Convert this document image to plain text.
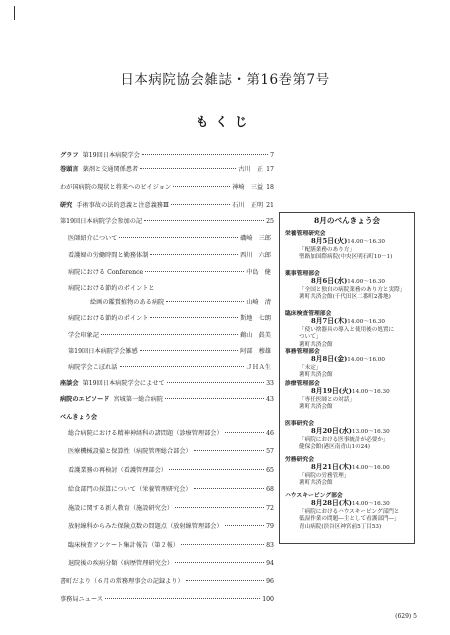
日本病院協会雑誌・第16巻第7号
もくじ
グラフ 第19回日本病院学会	7
巻頭言 薬剤と交通関係患者	古川　正 17
わが国病院の現状と将来へのビイジョン	神崎　三益 18
研究 手術事故の法的意義と注意義務Ⅲ	石川　正明 21
第19回日本病院学会参加の記	25
医師紹介について	磯崎　三郎
看護婦の労働時間と勤務体制	西川　六郎
病院における Conference	中島　健
病院における節約のポイントと
絵画の鑑賞植物のある病院	山崎　清
病院における節約のポイント	斯地　七朗
学会印象記	鵜山　眞美
第19回日本病院学会雑感	阿部　穆雄
病院学会こぼれ話	ＪＨＡ生
座談会 第19回日本病院学会によせて	33
病院のエピソード 宮城第一総合病院	43
べんきょう会
総合病院における精神神経科の諸問題（診療管理部会）	46
医療機械設備と保算性（病院管理総合部会）	57
看護業務の再検討（看護管理部会）	65
給食部門の採算について（栄養管理研究会）	68
施設に関する新人教育（施設研究会）	72
放射線科からみた保険点数の問題点（放射線管理部会）	79
臨床検査アンケート集計報告（第２報）	83
退院後の疾病分類（病歴管理研究会）	94
書町だより（６月の常務理事会の記録より）	96
事務局ニュース	100
8月のべんきょう会
栄養管理研究会
8月5日(火)14.00～16.30
「配膳業務のあり方」
聖路加国際病院(中央区明石町10－1)
薬事管理部会
8月6日(水)14.00～16.30
「全国と独自の病院業務のあり方と実際」
薯町共済会館(千代田区二番町2番地)
臨床検査管理部会
8月7日(木)14.00～16.30
「使い捨器具の導入と使用後の処置に
ついて」
薯町共済会館
事務管理部会
8月8日(金)14.00～16.00
「未定」
薯町共済会館
診療管理部会
8月19日(火)14.00～16.30
「専任医師との対話」
薯町共済会館
医事研究会
8月20日(水)13.00～16.30
「病院における医事統計が必要か」
健保会館(港区南青山1の24)
労務研究会
8月21日(木)14.00～16.00
「病院の労務管理」
薯町共済会館
ハウスキーピング部会
8月28日(木)14.00～16.30
「病院におけるハウスキーピング部門と
低湿作業の問題―主として看護部門―」
青山病院(渋谷区神宮前5丁目53)
(629) 5
